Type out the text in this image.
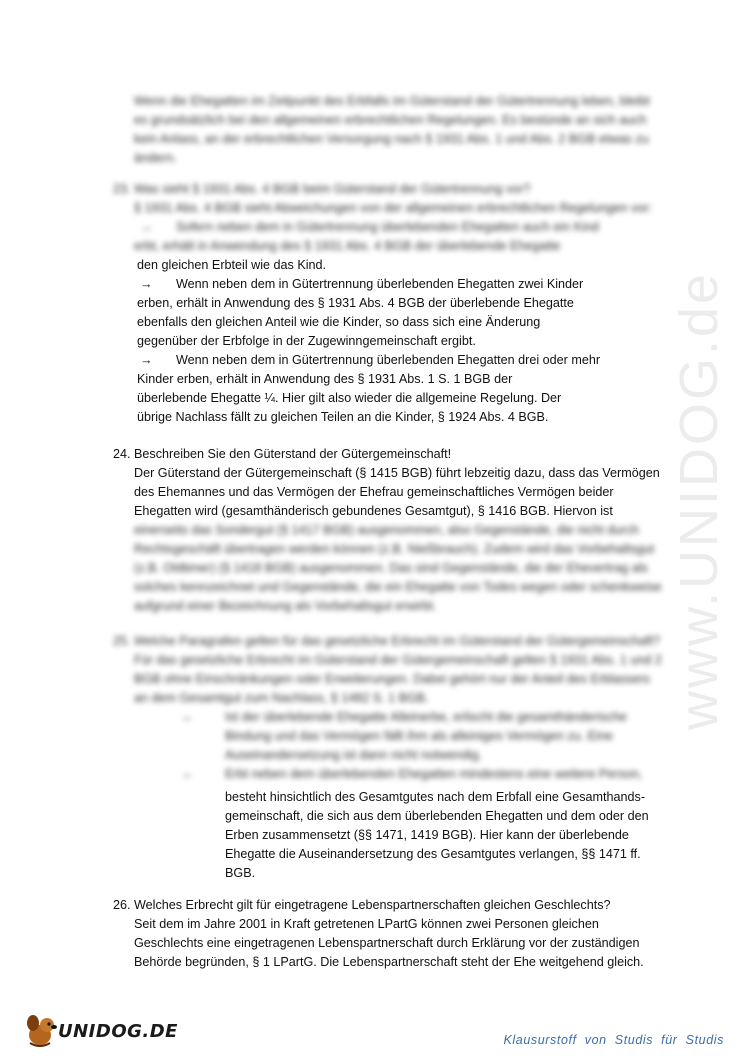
www.UNIDOG.de
Wenn die Ehegatten im Zeitpunkt des Erbfalls im Güterstand der Gütertrennung leben, bleibt
es grundsätzlich bei den allgemeinen erbrechtlichen Regelungen. Es bestünde an sich auch
kein Anlass, an der erbrechtlichen Versorgung nach § 1931 Abs. 1 und Abs. 2 BGB etwas zu
ändern.
23. Was sieht § 1931 Abs. 4 BGB beim Güterstand der Gütertrennung vor?
§ 1931 Abs. 4 BGB sieht Abweichungen von der allgemeinen erbrechtlichen Regelungen vor:
→ Sofern neben dem in Gütertrennung überlebenden Ehegatten auch ein Kind
erbt, erhält in Anwendung des § 1931 Abs. 4 BGB der überlebende Ehegatte
den gleichen Erbteil wie das Kind.
→ Wenn neben dem in Gütertrennung überlebenden Ehegatten zwei Kinder
erben, erhält in Anwendung des § 1931 Abs. 4 BGB der überlebende Ehegatte
ebenfalls den gleichen Anteil wie die Kinder, so dass sich eine Änderung
gegenüber der Erbfolge in der Zugewinngemeinschaft ergibt.
→ Wenn neben dem in Gütertrennung überlebenden Ehegatten drei oder mehr
Kinder erben, erhält in Anwendung des § 1931 Abs. 1 S. 1 BGB der
überlebende Ehegatte ¼. Hier gilt also wieder die allgemeine Regelung. Der
übrige Nachlass fällt zu gleichen Teilen an die Kinder, § 1924 Abs. 4 BGB.
24. Beschreiben Sie den Güterstand der Gütergemeinschaft!
Der Güterstand der Gütergemeinschaft (§ 1415 BGB) führt lebzeitig dazu, dass das Vermögen
des Ehemannes und das Vermögen der Ehefrau gemeinschaftliches Vermögen beider
Ehegatten wird (gesamthänderisch gebundenes Gesamtgut), § 1416 BGB. Hiervon ist
einerseits das Sondergut (§ 1417 BGB) ausgenommen, also Gegenstände, die nicht durch
Rechtsgeschäft übertragen werden können (z.B. Nießbrauch). Zudem wird das Vorbehaltsgut
(z.B. Oldtimer) (§ 1418 BGB) ausgenommen. Das sind Gegenstände, die der Ehevertrag als
solches kennzeichnet und Gegenstände, die ein Ehegatte von Todes wegen oder schenkweise
aufgrund einer Bezeichnung als Vorbehaltsgut erwirbt.
25. Welche Paragrafen gelten für das gesetzliche Erbrecht im Güterstand der Gütergemeinschaft?
Für das gesetzliche Erbrecht im Güterstand der Gütergemeinschaft gelten § 1931 Abs. 1 und 2
BGB ohne Einschränkungen oder Erweiterungen. Dabei gehört nur der Anteil des Erblassers
an dem Gesamtgut zum Nachlass, § 1482 S. 1 BGB.
→	Ist der überlebende Ehegatte Alleinerbe, erlischt die gesamthänderische
Bindung und das Vermögen fällt ihm als alleiniges Vermögen zu. Eine
Auseinandersetzung ist dann nicht notwendig.
→	Erbt neben dem überlebenden Ehegatten mindestens eine weitere Person,
besteht hinsichtlich des Gesamtgutes nach dem Erbfall eine Gesamthands-
gemeinschaft, die sich aus dem überlebenden Ehegatten und dem oder den
Erben zusammensetzt (§§ 1471, 1419 BGB). Hier kann der überlebende
Ehegatte die Auseinandersetzung des Gesamtgutes verlangen, §§ 1471 ff.
BGB.
26. Welches Erbrecht gilt für eingetragene Lebenspartnerschaften gleichen Geschlechts?
Seit dem im Jahre 2001 in Kraft getretenen LPartG können zwei Personen gleichen
Geschlechts eine eingetragenen Lebenspartnerschaft durch Erklärung vor der zuständigen
Behörde begründen, § 1 LPartG. Die Lebenspartnerschaft steht der Ehe weitgehend gleich.
UNIDOG.DE	Klausurstoff von Studis für Studis
